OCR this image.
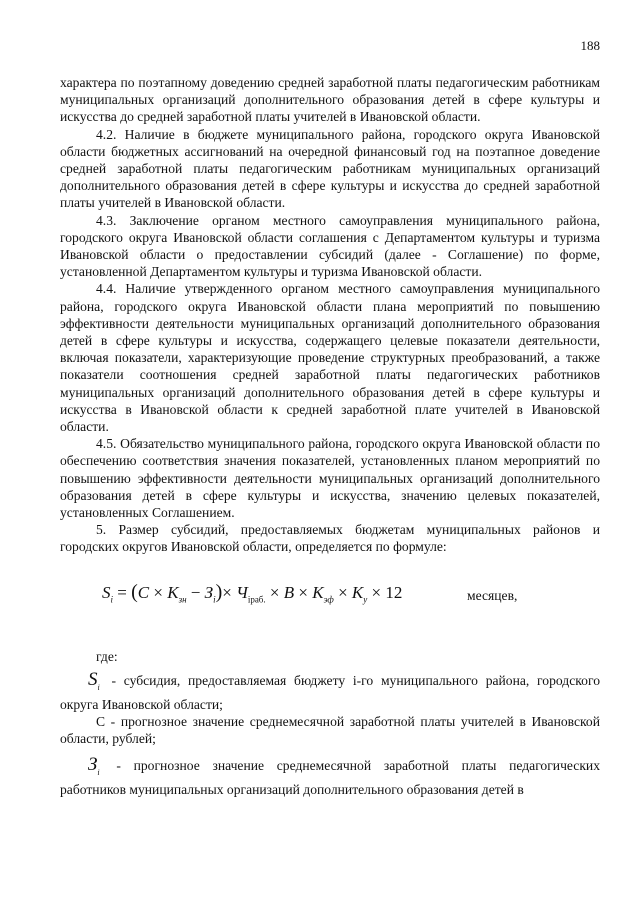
188

характера по поэтапному доведению средней заработной платы педагогическим работникам муниципальных организаций дополнительного образования детей в сфере культуры и искусства до средней заработной платы учителей в Ивановской области.

4.2. Наличие в бюджете муниципального района, городского округа Ивановской области бюджетных ассигнований на очередной финансовый год на поэтапное доведение средней заработной платы педагогическим работникам муниципальных организаций дополнительного образования детей в сфере культуры и искусства до средней заработной платы учителей в Ивановской области.

4.3. Заключение органом местного самоуправления муниципального района, городского округа Ивановской области соглашения с Департаментом культуры и туризма Ивановской области о предоставлении субсидий (далее - Соглашение) по форме, установленной Департаментом культуры и туризма Ивановской области.

4.4. Наличие утвержденного органом местного самоуправления муниципального района, городского округа Ивановской области плана мероприятий по повышению эффективности деятельности муниципальных организаций дополнительного образования детей в сфере культуры и искусства, содержащего целевые показатели деятельности, включая показатели, характеризующие проведение структурных преобразований, а также показатели соотношения средней заработной платы педагогических работников муниципальных организаций дополнительного образования детей в сфере культуры и искусства в Ивановской области к средней заработной плате учителей в Ивановской области.

4.5. Обязательство муниципального района, городского округа Ивановской области по обеспечению соответствия значения показателей, установленных планом мероприятий по повышению эффективности деятельности муниципальных организаций дополнительного образования детей в сфере культуры и искусства, значению целевых показателей, установленных Соглашением.

5. Размер субсидий, предоставляемых бюджетам муниципальных районов и городских округов Ивановской области, определяется по формуле:

$S_i = (C \times K_{зн} - З_i)\times Ч_{iраб.} \times B \times K_{эф} \times K_у \times 12$	месяцев,

где:

$S_i$ - субсидия, предоставляемая бюджету i-го муниципального района, городского округа Ивановской области;

С - прогнозное значение среднемесячной заработной платы учителей в Ивановской области, рублей;

$З_i$ - прогнозное значение среднемесячной заработной платы педагогических работников муниципальных организаций дополнительного образования детей в
